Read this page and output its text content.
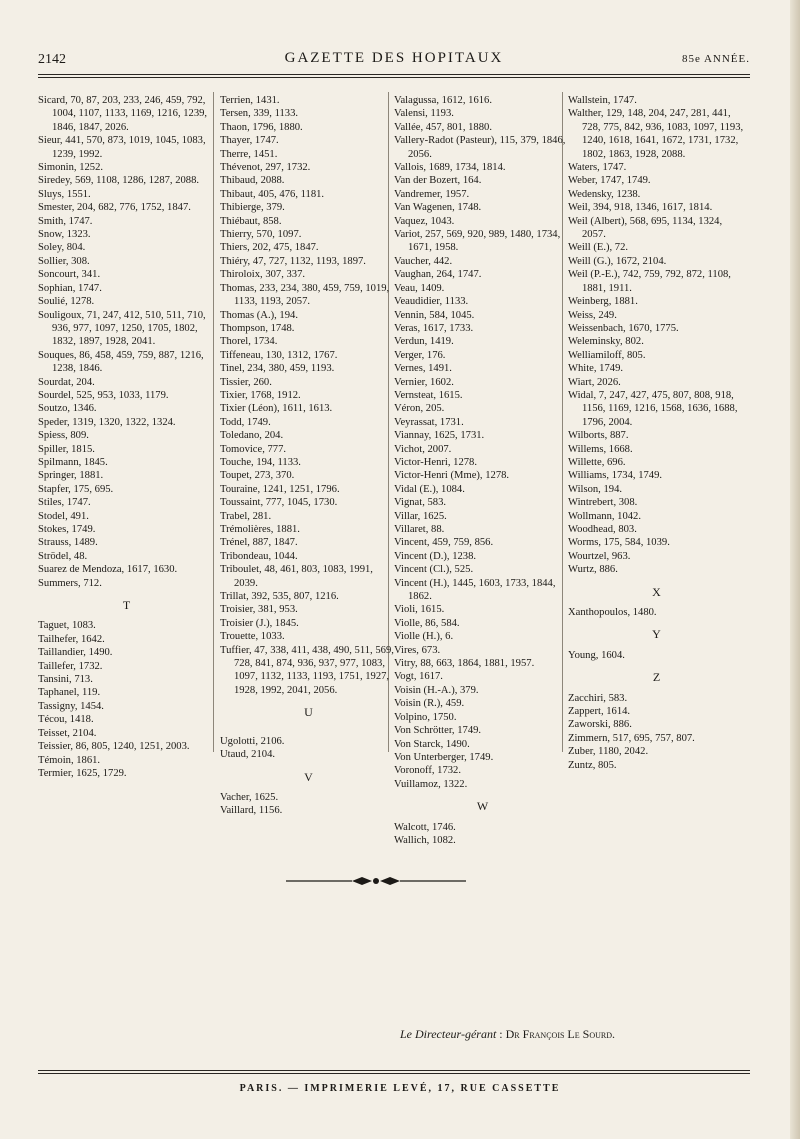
2142	GAZETTE DES HOPITAUX	85e ANNÉE.
Sicard, 70, 87, 203, 233, 246, 459, 792, 1004, 1107, 1133, 1169, 1216, 1239, 1846, 1847, 2026.
Sieur, 441, 570, 873, 1019, 1045, 1083, 1239, 1992.
Simonin, 1252.
Siredey, 569, 1108, 1286, 1287, 2088.
Sluys, 1551.
Smester, 204, 682, 776, 1752, 1847.
Smith, 1747.
Snow, 1323.
Soley, 804.
Sollier, 308.
Soncourt, 341.
Sophian, 1747.
Soulié, 1278.
Souligoux, 71, 247, 412, 510, 511, 710, 936, 977, 1097, 1250, 1705, 1802, 1832, 1897, 1928, 2041.
Souques, 86, 458, 459, 759, 887, 1216, 1238, 1846.
Sourdat, 204.
Sourdel, 525, 953, 1033, 1179.
Soutzo, 1346.
Speder, 1319, 1320, 1322, 1324.
Spiess, 809.
Spiller, 1815.
Spilmann, 1845.
Springer, 1881.
Stapfer, 175, 695.
Stiles, 1747.
Stodel, 491.
Stokes, 1749.
Strauss, 1489.
Strödel, 48.
Suarez de Mendoza, 1617, 1630.
Summers, 712.
T
Taguet, 1083.
Tailhefer, 1642.
Taillandier, 1490.
Taillefer, 1732.
Tansini, 713.
Taphanel, 119.
Tassigny, 1454.
Técou, 1418.
Teisset, 2104.
Teissier, 86, 805, 1240, 1251, 2003.
Témoin, 1861.
Termier, 1625, 1729.
Terrien, 1431.
Tersen, 339, 1133.
Thaon, 1796, 1880.
Thayer, 1747.
Therre, 1451.
Thévenot, 297, 1732.
Thibaud, 2088.
Thibaut, 405, 476, 1181.
Thibierge, 379.
Thiébaut, 858.
Thierry, 570, 1097.
Thiers, 202, 475, 1847.
Thiéry, 47, 727, 1132, 1193, 1897.
Thiroloix, 307, 337.
Thomas, 233, 234, 380, 459, 759, 1019, 1133, 1193, 2057.
Thomas (A.), 194.
Thompson, 1748.
Thorel, 1734.
Tiffeneau, 130, 1312, 1767.
Tinel, 234, 380, 459, 1193.
Tissier, 260.
Tixier, 1768, 1912.
Tixier (Léon), 1611, 1613.
Todd, 1749.
Toledano, 204.
Tomovice, 777.
Touche, 194, 1133.
Toupet, 273, 370.
Touraine, 1241, 1251, 1796.
Toussaint, 777, 1045, 1730.
Trabel, 281.
Trémolières, 1881.
Trénel, 887, 1847.
Tribondeau, 1044.
Triboulet, 48, 461, 803, 1083, 1991, 2039.
Trillat, 392, 535, 807, 1216.
Troisier, 381, 953.
Troisier (J.), 1845.
Trouette, 1033.
Tuffier, 47, 338, 411, 438, 490, 511, 569, 728, 841, 874, 936, 937, 977, 1083, 1097, 1132, 1133, 1193, 1751, 1927, 1928, 1992, 2041, 2056.
U
Ugolotti, 2106.
Utaud, 2104.
V
Vacher, 1625.
Vaillard, 1156.
Valagussa, 1612, 1616.
Valensi, 1193.
Vallée, 457, 801, 1880.
Vallery-Radot (Pasteur), 115, 379, 1846, 2056.
Vallois, 1689, 1734, 1814.
Van der Bozert, 164.
Vandremer, 1957.
Van Wagenen, 1748.
Vaquez, 1043.
Variot, 257, 569, 920, 989, 1480, 1734, 1671, 1958.
Vaucher, 442.
Vaughan, 264, 1747.
Veau, 1409.
Veaudidier, 1133.
Vennin, 584, 1045.
Veras, 1617, 1733.
Verdun, 1419.
Verger, 176.
Vernes, 1491.
Vernier, 1602.
Vernsteat, 1615.
Véron, 205.
Veyrassat, 1731.
Viannay, 1625, 1731.
Vichot, 2007.
Victor-Henri, 1278.
Victor-Henri (Mme), 1278.
Vidal (E.), 1084.
Vignat, 583.
Villar, 1625.
Villaret, 88.
Vincent, 459, 759, 856.
Vincent (D.), 1238.
Vincent (Cl.), 525.
Vincent (H.), 1445, 1603, 1733, 1844, 1862.
Violi, 1615.
Violle, 86, 584.
Violle (H.), 6.
Vires, 673.
Vitry, 88, 663, 1864, 1881, 1957.
Vogt, 1617.
Voisin (H.-A.), 379.
Voisin (R.), 459.
Volpino, 1750.
Von Schrötter, 1749.
Von Starck, 1490.
Von Unterberger, 1749.
Voronoff, 1732.
Vuillamoz, 1322.
W
Walcott, 1746.
Wallich, 1082.
Wallstein, 1747.
Walther, 129, 148, 204, 247, 281, 441, 728, 775, 842, 936, 1083, 1097, 1193, 1240, 1618, 1641, 1672, 1731, 1732, 1802, 1863, 1928, 2088.
Waters, 1747.
Weber, 1747, 1749.
Wedensky, 1238.
Weil, 394, 918, 1346, 1617, 1814.
Weil (Albert), 568, 695, 1134, 1324, 2057.
Weill (E.), 72.
Weill (G.), 1672, 2104.
Weil (P.-E.), 742, 759, 792, 872, 1108, 1881, 1911.
Weinberg, 1881.
Weiss, 249.
Weissenbach, 1670, 1775.
Weleminsky, 802.
Welliamiloff, 805.
White, 1749.
Wiart, 2026.
Widal, 7, 247, 427, 475, 807, 808, 918, 1156, 1169, 1216, 1568, 1636, 1688, 1796, 2004.
Wilborts, 887.
Willems, 1668.
Willette, 696.
Williams, 1734, 1749.
Wilson, 194.
Wintrebert, 308.
Wollmann, 1042.
Woodhead, 803.
Worms, 175, 584, 1039.
Wourtzel, 963.
Wurtz, 886.
X
Xanthopoulos, 1480.
Y
Young, 1604.
Z
Zacchiri, 583.
Zappert, 1614.
Zaworski, 886.
Zimmern, 517, 695, 757, 807.
Zuber, 1180, 2042.
Zuntz, 805.
Le Directeur-gérant : Dr François Le Sourd.
PARIS. — IMPRIMERIE LEVÉ, 17, RUE CASSETTE
